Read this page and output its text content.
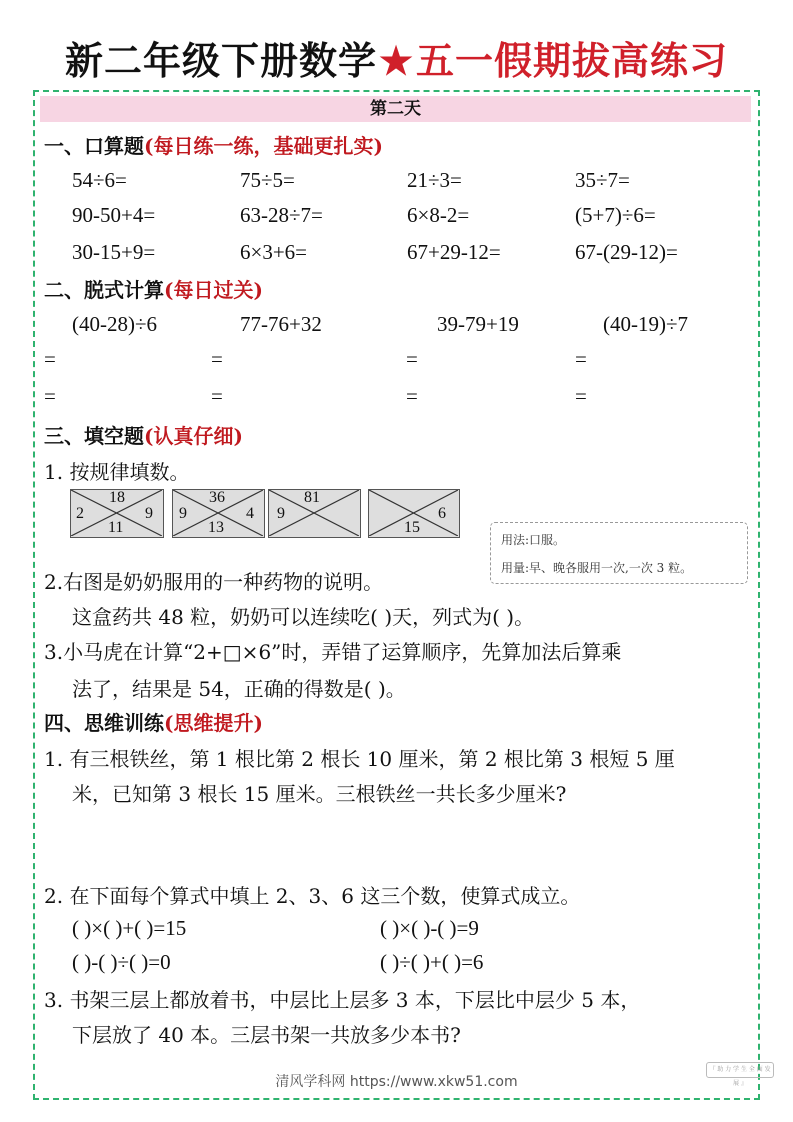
新二年级下册数学★五一假期拔高练习
第二天
一、口算题(每日练一练，基础更扎实)
54÷6=	75÷5=	21÷3=	35÷7=
90-50+4=	63-28÷7=	6×8-2=	(5+7)÷6=
30-15+9=	6×3+6=	67+29-12=	67-(29-12)=
二、脱式计算(每日过关)
(40-28)÷6	77-76+32	39-79+19	(40-19)÷7
=	=	=	=
=	=	=	=
三、填空题(认真仔细)
1. 按规律填数。
18
2	9
11
36
9	4
13
81
9	6
15
用法:口服。
用量:早、晚各服用一次,一次 3 粒。
2.右图是奶奶服用的一种药物的说明。
这盒药共 48 粒，奶奶可以连续吃( )天，列式为( )。
3.小马虎在计算“2+□×6”时，弄错了运算顺序，先算加法后算乘
法了，结果是 54，正确的得数是( )。
四、思维训练(思维提升)
1. 有三根铁丝，第 1 根比第 2 根长 10 厘米，第 2 根比第 3 根短 5 厘
米，已知第 3 根长 15 厘米。三根铁丝一共长多少厘米?
2. 在下面每个算式中填上 2、3、6 这三个数，使算式成立。
( )×( )+( )=15	( )×( )-( )=9
( )-( )÷( )=0	( )÷( )+( )=6
3. 书架三层上都放着书，中层比上层多 3 本，下层比中层少 5 本，
下层放了 40 本。三层书架一共放多少本书?
清风学科网 https://www.xkw51.com
『 助 力 学 生 全 面 发 展 』
